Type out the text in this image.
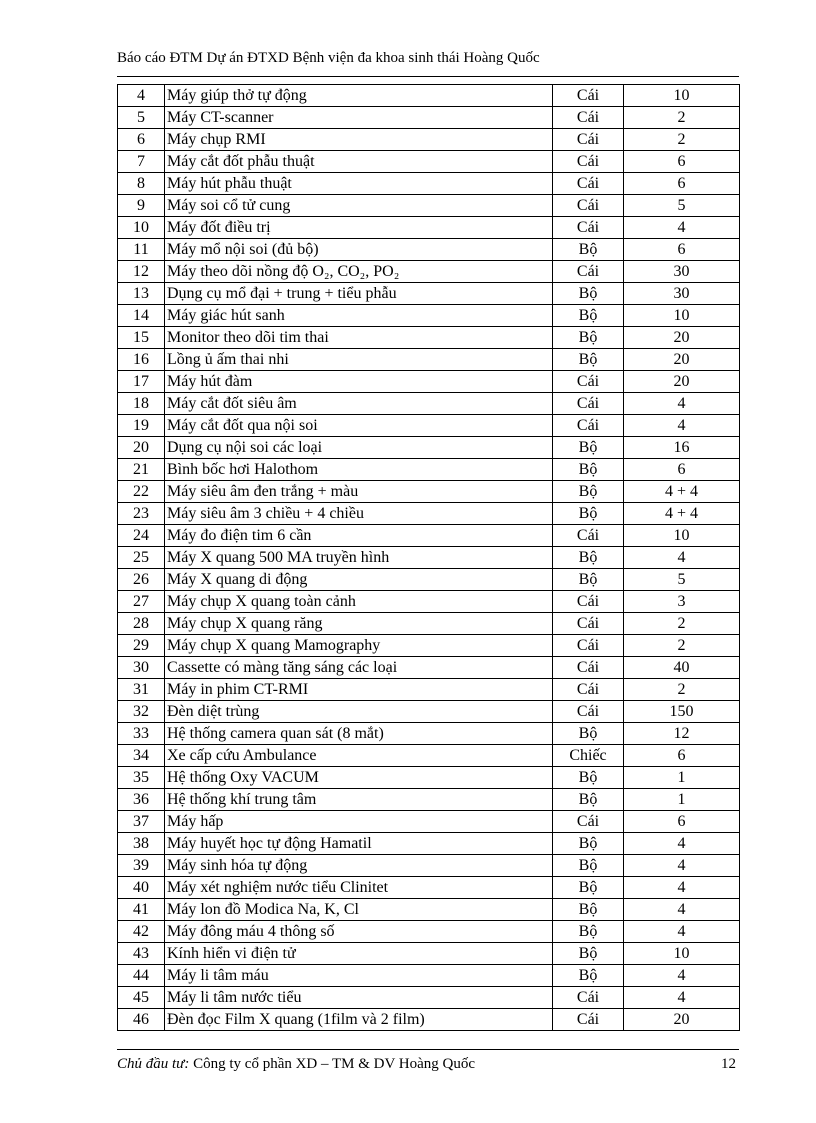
Báo cáo ĐTM Dự án ĐTXD Bệnh viện đa khoa sinh thái Hoàng Quốc
4	Máy giúp thở tự động	Cái	10
5	Máy CT-scanner	Cái	2
6	Máy chụp RMI	Cái	2
7	Máy cắt đốt phẫu thuật	Cái	6
8	Máy hút phẫu thuật	Cái	6
9	Máy soi cổ tử cung	Cái	5
10	Máy đốt điều trị	Cái	4
11	Máy mổ nội soi (đủ bộ)	Bộ	6
12	Máy theo dõi nồng độ O₂, CO₂, PO₂	Cái	30
13	Dụng cụ mổ đại + trung + tiểu phẫu	Bộ	30
14	Máy giác hút sanh	Bộ	10
15	Monitor theo dõi tim thai	Bộ	20
16	Lồng ủ ấm thai nhi	Bộ	20
17	Máy hút đàm	Cái	20
18	Máy cắt đốt siêu âm	Cái	4
19	Máy cắt đốt qua nội soi	Cái	4
20	Dụng cụ nội soi các loại	Bộ	16
21	Bình bốc hơi Halothom	Bộ	6
22	Máy siêu âm đen trắng + màu	Bộ	4 + 4
23	Máy siêu âm 3 chiều + 4 chiều	Bộ	4 + 4
24	Máy đo điện tim 6 cần	Cái	10
25	Máy X quang 500 MA truyền hình	Bộ	4
26	Máy X quang di động	Bộ	5
27	Máy chụp X quang toàn cảnh	Cái	3
28	Máy chụp X quang răng	Cái	2
29	Máy chụp X quang Mamography	Cái	2
30	Cassette có màng tăng sáng các loại	Cái	40
31	Máy in phim CT-RMI	Cái	2
32	Đèn diệt trùng	Cái	150
33	Hệ thống camera quan sát (8 mắt)	Bộ	12
34	Xe cấp cứu Ambulance	Chiếc	6
35	Hệ thống Oxy VACUM	Bộ	1
36	Hệ thống khí trung tâm	Bộ	1
37	Máy hấp	Cái	6
38	Máy huyết học tự động Hamatil	Bộ	4
39	Máy sinh hóa tự động	Bộ	4
40	Máy xét nghiệm nước tiểu Clinitet	Bộ	4
41	Máy lon đồ Modica Na, K, Cl	Bộ	4
42	Máy đông máu 4 thông số	Bộ	4
43	Kính hiển vi điện tử	Bộ	10
44	Máy li tâm máu	Bộ	4
45	Máy li tâm nước tiểu	Cái	4
46	Đèn đọc Film X quang (1film và 2 film)	Cái	20
Chủ đầu tư: Công ty cổ phần XD – TM & DV Hoàng Quốc	12
